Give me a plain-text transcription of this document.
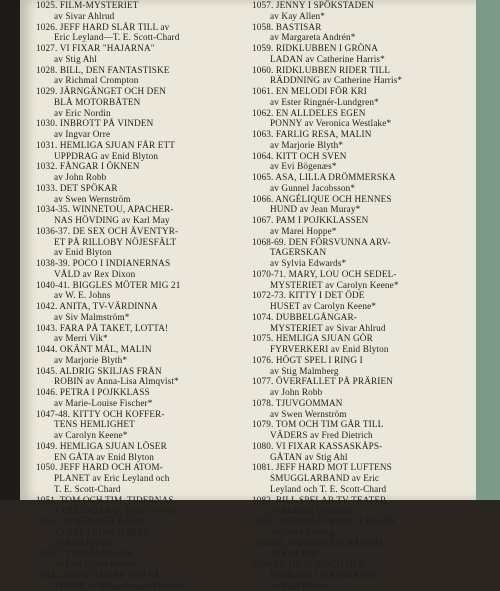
1025. FILM-MYSTERIET
av Sivar Ahlrud
1026. JEFF HARD SLÅR TILL av
Eric Leyland—T. E. Scott-Chard
1027. VI FIXAR "HAJARNA"
av Stig Ahl
1028. BILL, DEN FANTASTISKE
av Richmal Crompton
1029. JÄRNGÄNGET OCH DEN
BLÅ MOTORBÅTEN
av Eric Nordin
1030. INBROTT PÅ VINDEN
av Ingvar Orre
1031. HEMLIGA SJUAN FÅR ETT
UPPDRAG av Enid Blyton
1032. FÅNGAR I ÖKNEN
av John Robb
1033. DET SPÖKAR
av Swen Wernström
1034-35. WINNETOU, APACHER-
NAS HÖVDING av Karl May
1036-37. DE SEX OCH ÄVENTYR-
ET PÅ RILLOBY NÖJESFÄLT
av Enid Blyton
1038-39. POCO I INDIANERNAS
VÅLD av Rex Dixon
1040-41. BIGGLES MÖTER MIG 21
av W. E. Johns
1042. ANITA, TV-VÄRDINNA
av Siv Malmström*
1043. FARA PÅ TAKET, LOTTA!
av Merri Vik*
1044. OKÄNT MÅL, MALIN
av Marjorie Blyth*
1045. ALDRIG SKILJAS FRÅN
ROBIN av Anna-Lisa Almqvist*
1046. PETRA I POJKKLASS
av Marie-Louise Fischer*
1047-48. KITTY OCH KOFFER-
TENS HEMLIGHET
av Carolyn Keene*
1049. HEMLIGA SJUAN LÖSER
EN GÅTA av Enid Blyton
1050. JEFF HARD OCH ATOM-
PLANET av Eric Leyland och
T. E. Scott-Chard
1051. TOM OCH TIM, TIDERNAS
TVILLINGAR av Fred Dietrich
1052. DE SEX OCH ÄVEN-
TYRET I RING O'BELL
av Enid Blyton
1053. VI SPRÅKFALAR
av Lisa Euren-Berner*
1054. INGEN VÄGAR FRO PÅ
TESSIE av Marie-Louise Fischer*
1057. JENNY I SPÖKSTADEN
av Kay Allen*
1058. BASTISAR
av Margareta Andrén*
1059. RIDKLUBBEN I GRÖNA
LADAN av Catherine Harris*
1060. RIDKLUBBEN RIDER TILL
RÄDDNING av Catherine Harris*
1061. EN MELODI FÖR KRI
av Ester Ringnér-Lundgren*
1062. EN ALLDELES EGEN
PONNY av Veronica Westlake*
1063. FARLIG RESA, MALIN
av Marjorie Blyth*
1064. KITT OCH SVEN
av Evi Bögenæs*
1065. ASA, LILLA DRÖMMERSKA
av Gunnel Jacobsson*
1066. ANGÉLIQUE OCH HENNES
HUND av Jean Muray*
1067. PAM I POJKKLASSEN
av Marei Hoppe*
1068-69. DEN FÖRSVUNNA ARV-
TAGERSKAN
av Sylvia Edwards*
1070-71. MARY, LOU OCH SEDEL-
MYSTERIET av Carolyn Keene*
1072-73. KITTY I DET ÖDE
HUSET av Carolyn Keene*
1074. DUBBELGÅNGAR-
MYSTERIET av Sivar Ahlrud
1075. HEMLIGA SJUAN GÖR
FYRVERKERI av Enid Blyton
1076. HÖGT SPEL I RING I
av Stig Malmberg
1077. ÖVERFALLET PÅ PRÄRIEN
av John Robb
1078. TJUVGOMMAN
av Swen Wernström
1079. TOM OCH TIM GÅR TILL
VÄDERS av Fred Dietrich
1080. VI FIXAR KASSASKÅPS-
GÅTAN av Stig Ahl
1081. JEFF HARD MOT LUFTENS
SMUGGLARBAND av Eric
Leyland och T. E. Scott-Chard
1082. BILL SPELAR TV-TEATER
av Richmal Crompton
1083. VARNING! FARLIG LEKSAK
av Harry Iseborg
1084-85. WINNETOUS HÄMND
av Karl May
1086-87. DE SEX OCH DEN
HEMLIGA UBÅTSBASEN
av Enid Blyton
